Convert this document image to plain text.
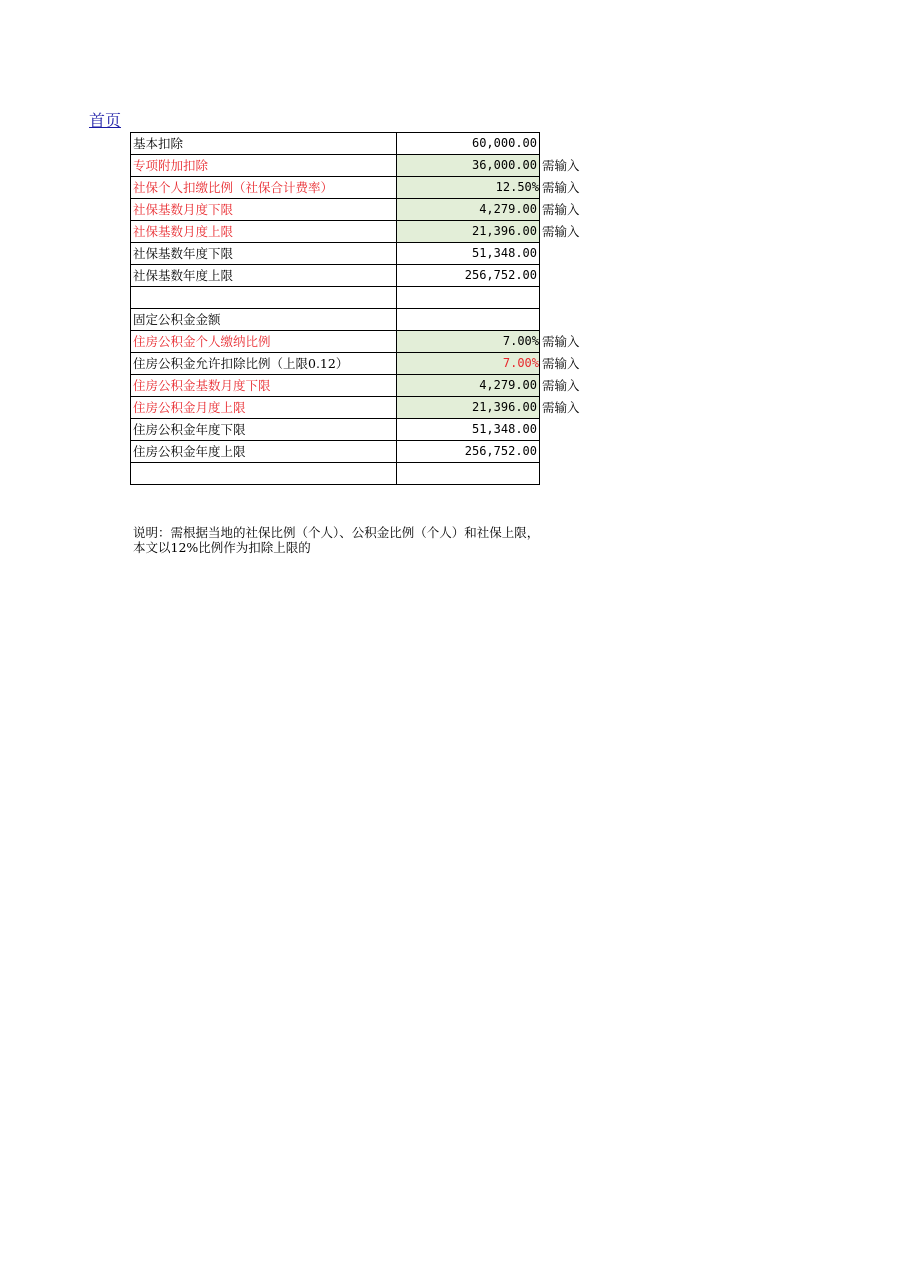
首页
基本扣除	60,000.00	
专项附加扣除	36,000.00	需输入
社保个人扣缴比例（社保合计费率）	12.50%	需输入
社保基数月度下限	4,279.00	需输入
社保基数月度上限	21,396.00	需输入
社保基数年度下限	51,348.00	
社保基数年度上限	256,752.00	

固定公积金金额		
住房公积金个人缴纳比例	7.00%	需输入
住房公积金允许扣除比例（上限0.12）	7.00%	需输入
住房公积金基数月度下限	4,279.00	需输入
住房公积金月度上限	21,396.00	需输入
住房公积金年度下限	51,348.00	
住房公积金年度上限	256,752.00	

说明：需根据当地的社保比例（个人）、公积金比例（个人）和社保上限，本文以12%比例作为扣除上限的
